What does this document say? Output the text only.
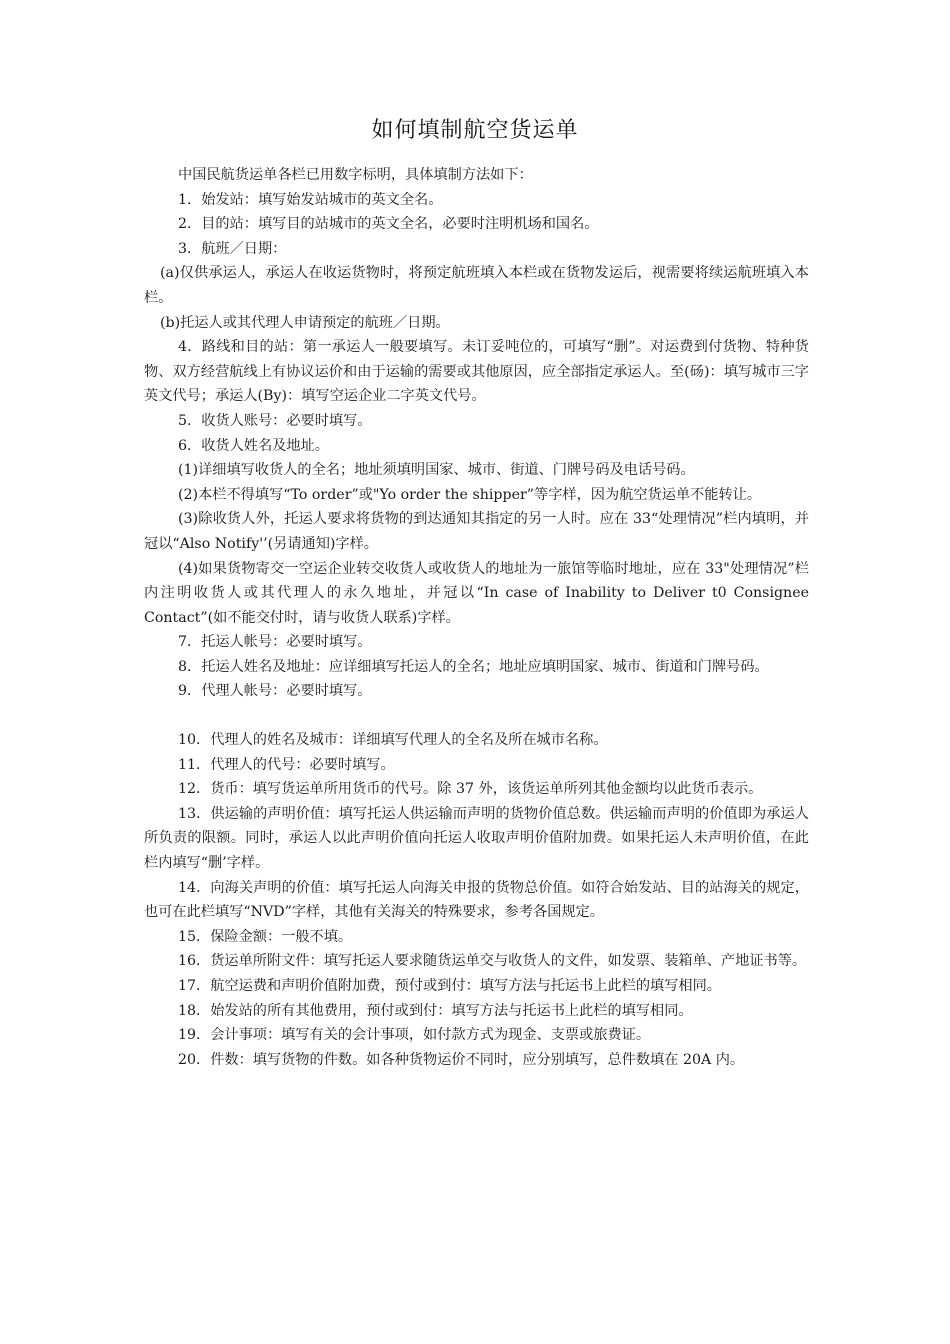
如何填制航空货运单

中国民航货运单各栏已用数字标明，具体填制方法如下：

1．始发站：填写始发站城市的英文全名。

2．目的站：填写目的站城市的英文全名，必要时注明机场和国名。

3．航班／日期：

(a)仅供承运人，承运人在收运货物时，将预定航班填入本栏或在货物发运后，视需要将续运航班填入本栏。

(b)托运人或其代理人申请预定的航班／日期。

4．路线和目的站：第一承运人一般要填写。未订妥吨位的，可填写“删”。对运费到付货物、特种货物、双方经营航线上有协议运价和由于运输的需要或其他原因，应全部指定承运人。至(砀)：填写城市三字英文代号；承运人(By)：填写空运企业二字英文代号。

5．收货人账号：必要时填写。

6．收货人姓名及地址。

(1)详细填写收货人的全名；地址须填明国家、城市、街道、门牌号码及电话号码。

(2)本栏不得填写“To order”或"Yo order the shipper”等字样，因为航空货运单不能转让。

(3)除收货人外，托运人要求将货物的到达通知其指定的另一人时。应在 33“处理情况”栏内填明，并冠以“Also Notify'’(另请通知)字样。

(4)如果货物寄交一空运企业转交收货人或收货人的地址为一旅馆等临时地址，应在 33"处理情况”栏内注明收货人或其代理人的永久地址，并冠以“In case of Inability to Deliver t0 Consignee Contact”(如不能交付时，请与收货人联系)字样。

7．托运人帐号：必要时填写。

8．托运人姓名及地址：应详细填写托运人的全名；地址应填明国家、城市、街道和门牌号码。

9．代理人帐号：必要时填写。

10．代理人的姓名及城市：详细填写代理人的全名及所在城市名称。

11．代理人的代号：必要时填写。

12．货币：填写货运单所用货币的代号。除 37 外，该货运单所列其他金额均以此货币表示。

13．供运输的声明价值：填写托运人供运输而声明的货物价值总数。供运输而声明的价值即为承运人所负责的限额。同时，承运人以此声明价值向托运人收取声明价值附加费。如果托运人未声明价值，在此栏内填写“删’字样。

14．向海关声明的价值：填写托运人向海关申报的货物总价值。如符合始发站、目的站海关的规定，也可在此栏填写“NVD”字样，其他有关海关的特殊要求，参考各国规定。

15．保险金额：一般不填。

16．货运单所附文件：填写托运人要求随货运单交与收货人的文件，如发票、装箱单、产地证书等。

17．航空运费和声明价值附加费，预付或到付：填写方法与托运书上此栏的填写相同。

18．始发站的所有其他费用，预付或到付：填写方法与托运书上此栏的填写相同。

19．会计事项：填写有关的会计事项，如付款方式为现金、支票或旅费证。

20．件数：填写货物的件数。如各种货物运价不同时，应分别填写，总件数填在 20A 内。
